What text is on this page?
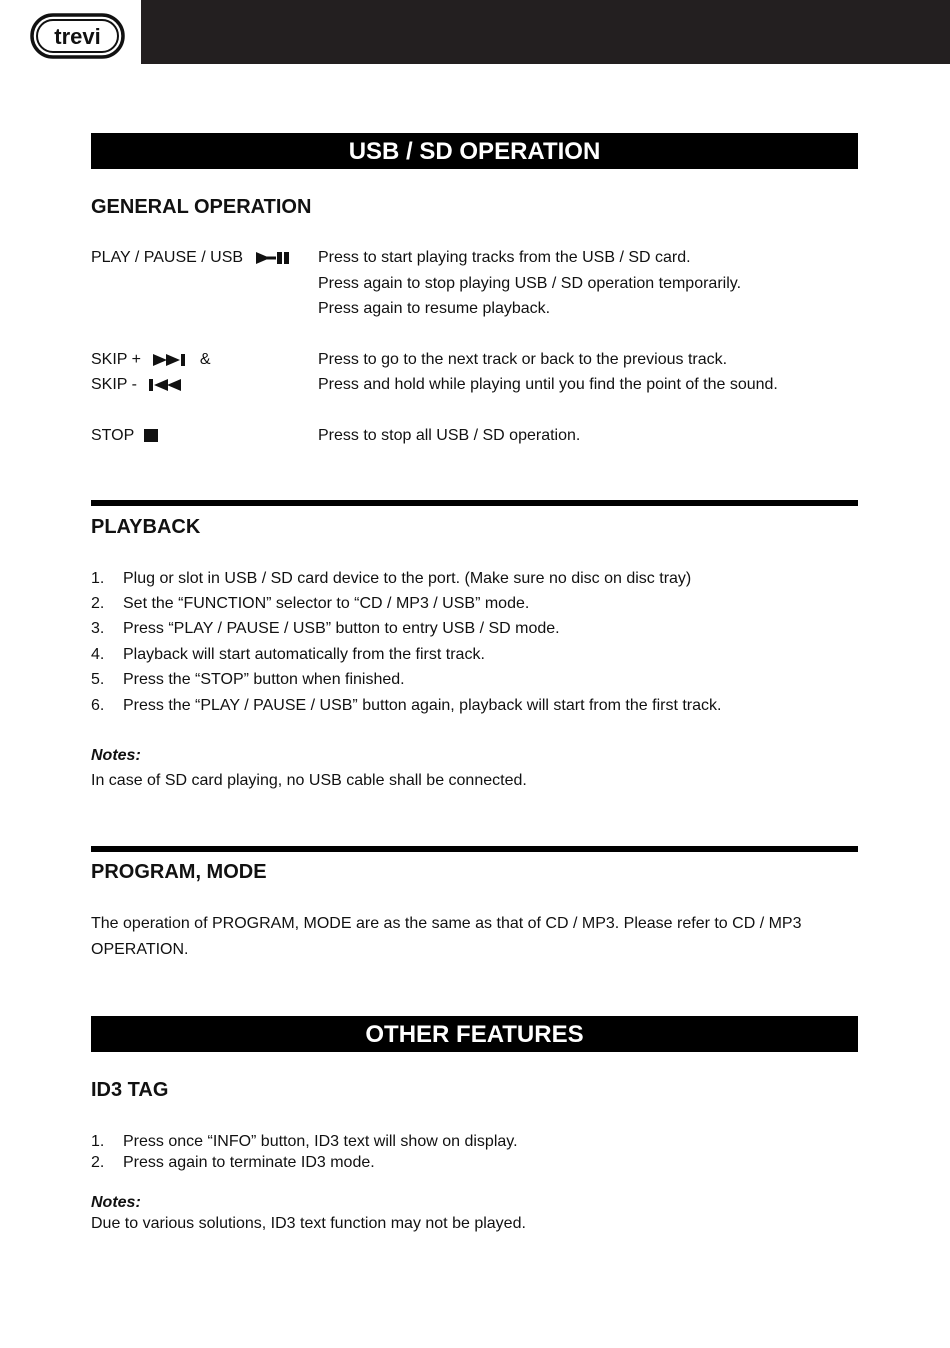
trevi
USB / SD OPERATION
GENERAL OPERATION
PLAY / PAUSE / USB	Press to start playing tracks from the USB / SD card.
Press again to stop playing USB / SD operation temporarily.
Press again to resume playback.
SKIP +	&	Press to go to the next track or back to the previous track.
SKIP -	Press and hold while playing until you find the point of the sound.
STOP	Press to stop all USB / SD operation.
PLAYBACK
1. Plug or slot in USB / SD card device to the port. (Make sure no disc on disc tray)
2. Set the “FUNCTION” selector to “CD / MP3 / USB” mode.
3. Press “PLAY / PAUSE / USB” button to entry USB / SD mode.
4. Playback will start automatically from the first track.
5. Press the “STOP” button when finished.
6. Press the “PLAY / PAUSE / USB” button again, playback will start from the first track.
Notes:
In case of SD card playing, no USB cable shall be connected.
PROGRAM, MODE
The operation of PROGRAM, MODE are as the same as that of CD / MP3. Please refer to CD / MP3 OPERATION.
OTHER FEATURES
ID3 TAG
1. Press once “INFO” button, ID3 text will show on display.
2. Press again to terminate ID3 mode.
Notes:
Due to various solutions, ID3 text function may not be played.
